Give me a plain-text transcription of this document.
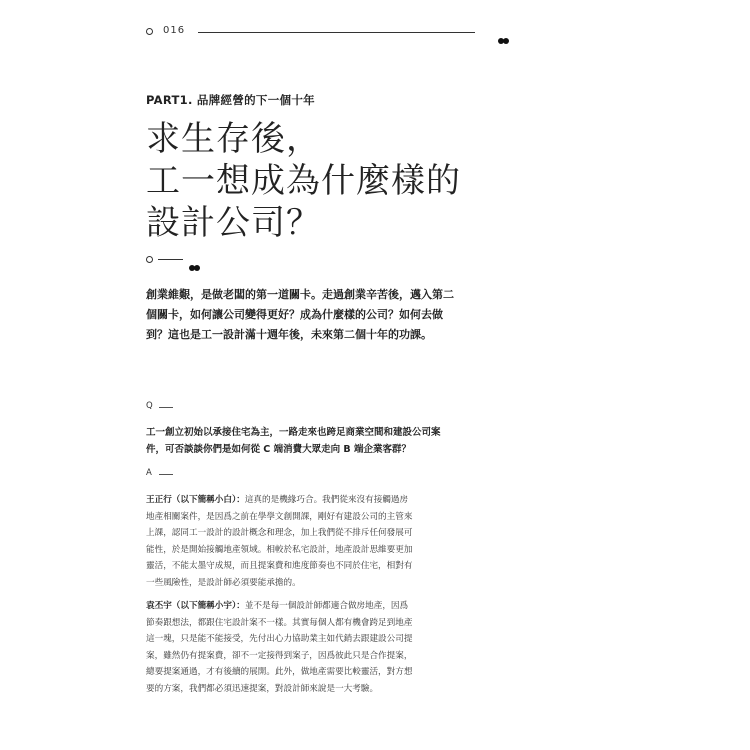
016
PART1. 品牌經營的下一個十年
求生存後，
工一想成為什麼樣的
設計公司？
創業維艱，是做老闆的第一道關卡。走過創業辛苦後，邁入第二
個關卡，如何讓公司變得更好？成為什麼樣的公司？如何去做
到？這也是工一設計滿十週年後，未來第二個十年的功課。
Q
工一創立初始以承接住宅為主，一路走來也跨足商業空間和建設公司案
件，可否談談你們是如何從 C 端消費大眾走向 B 端企業客群？
A
王正行（以下簡稱小白）：這真的是機緣巧合。我們從來沒有接觸過房
地產相關案件，是因爲之前在學學文創開課，剛好有建設公司的主管來
上課，認同工一設計的設計概念和理念，加上我們從不排斥任何發展可
能性，於是開始接觸地產領域。相較於私宅設計，地產設計思維要更加
靈活，不能太墨守成規，而且提案費和進度節奏也不同於住宅，相對有
一些風險性，是設計師必須要能承擔的。
袁丕宇（以下簡稱小宇）：並不是每一個設計師都適合做房地產，因爲
節奏跟想法，都跟住宅設計案不一樣。其實每個人都有機會跨足到地產
這一塊，只是能不能接受，先付出心力協助業主如代銷去跟建設公司提
案，雖然仍有提案費，卻不一定接得到案子，因爲彼此只是合作提案，
總要提案通過，才有後續的展開。此外，做地產需要比較靈活，對方想
要的方案，我們都必須迅速提案，對設計師來說是一大考驗。
